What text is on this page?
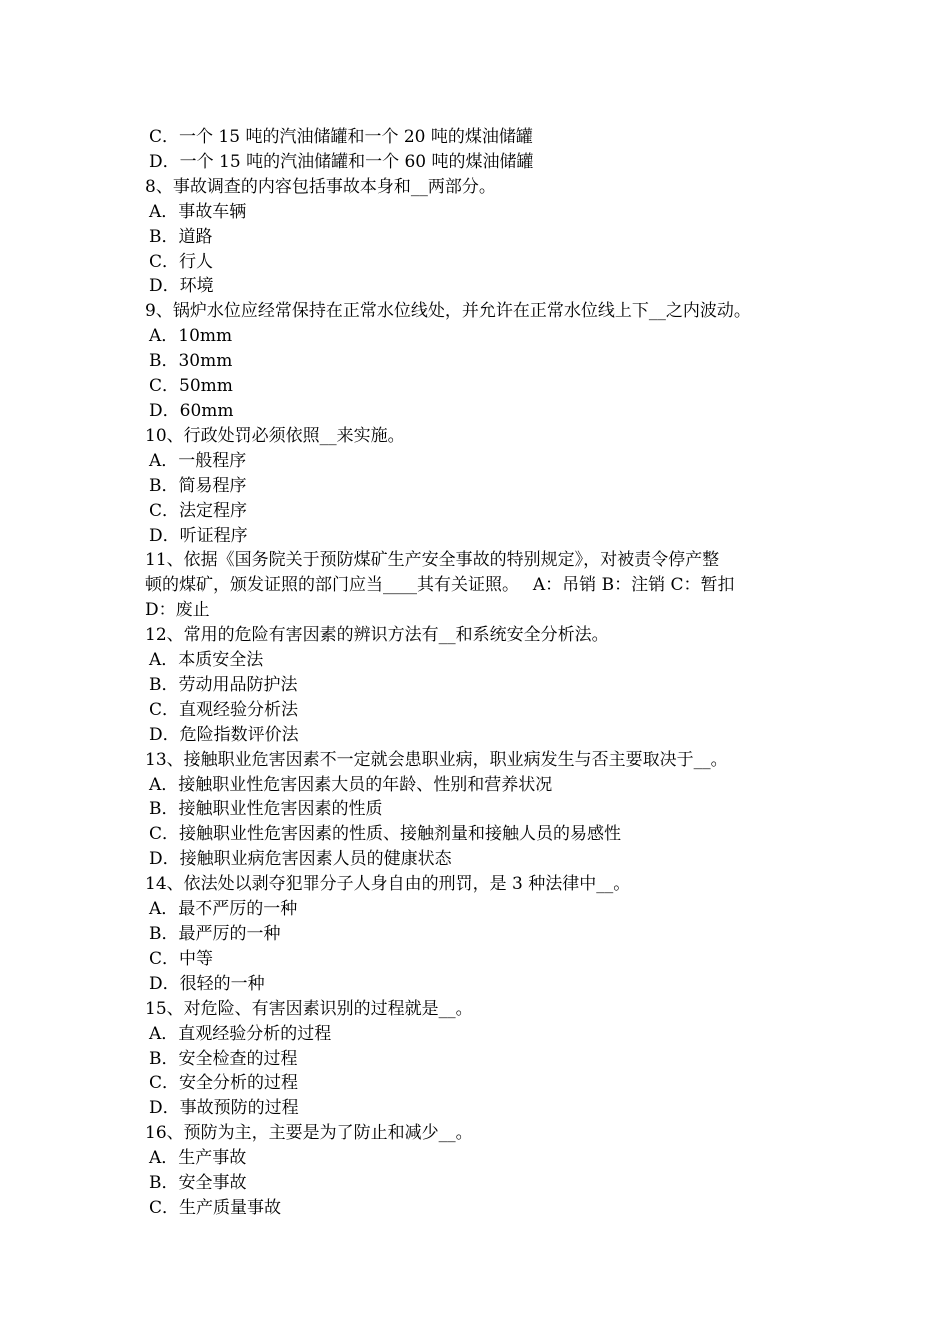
C．一个 15 吨的汽油储罐和一个 20 吨的煤油储罐
D．一个 15 吨的汽油储罐和一个 60 吨的煤油储罐
8、事故调查的内容包括事故本身和__两部分。
A．事故车辆
B．道路
C．行人
D．环境
9、锅炉水位应经常保持在正常水位线处，并允许在正常水位线上下__之内波动。
A．10mm
B．30mm
C．50mm
D．60mm
10、行政处罚必须依照__来实施。
A．一般程序
B．简易程序
C．法定程序
D．听证程序
11、依据《国务院关于预防煤矿生产安全事故的特别规定》，对被责令停产整
顿的煤矿，颁发证照的部门应当____其有关证照。　 A：吊销 B：注销 C：暂扣
D：废止
12、常用的危险有害因素的辨识方法有__和系统安全分析法。
A．本质安全法
B．劳动用品防护法
C．直观经验分析法
D．危险指数评价法
13、接触职业危害因素不一定就会患职业病，职业病发生与否主要取决于__。
A．接触职业性危害因素大员的年龄、性别和营养状况
B．接触职业性危害因素的性质
C．接触职业性危害因素的性质、接触剂量和接触人员的易感性
D．接触职业病危害因素人员的健康状态
14、依法处以剥夺犯罪分子人身自由的刑罚，是 3 种法律中__。
A．最不严厉的一种
B．最严厉的一种
C．中等
D．很轻的一种
15、对危险、有害因素识别的过程就是__。
A．直观经验分析的过程
B．安全检查的过程
C．安全分析的过程
D．事故预防的过程
16、预防为主，主要是为了防止和减少__。
A．生产事故
B．安全事故
C．生产质量事故
